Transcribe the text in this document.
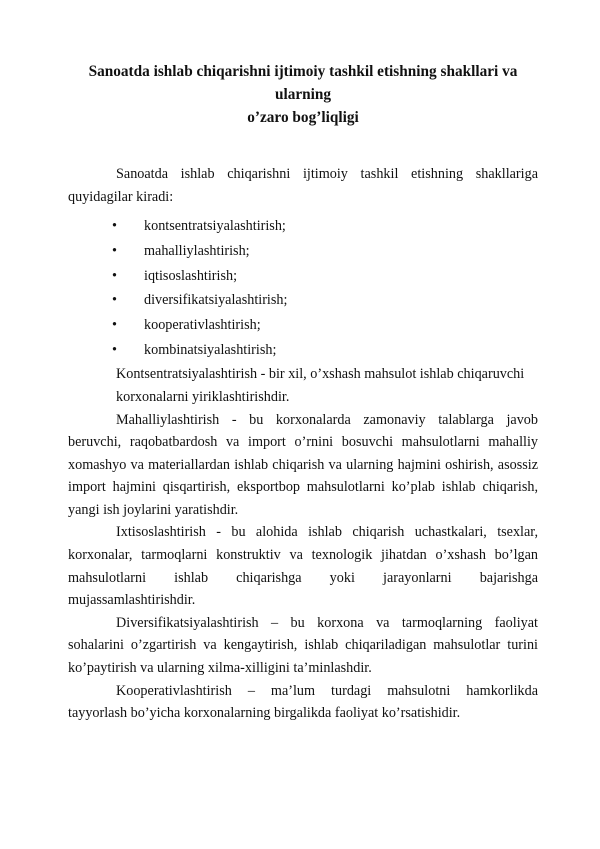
Sanoatda ishlab chiqarishni ijtimoiy tashkil etishning shakllari va ularning
o’zaro bog’liqligi

Sanoatda ishlab chiqarishni ijtimoiy tashkil etishning shakllariga quyidagilar kiradi:

• kontsentratsiyalashtirish;
• mahalliylashtirish;
• iqtisoslashtirish;
• diversifikatsiyalashtirish;
• kooperativlashtirish;
• kombinatsiyalashtirish;

Kontsentratsiyalashtirish - bir xil, o’xshash mahsulot ishlab chiqaruvchi

korxonalarni yiriklashtirishdir.

Mahalliylashtirish - bu korxonalarda zamonaviy talablarga javob beruvchi, raqobatbardosh va import o’rnini bosuvchi mahsulotlarni mahalliy xomashyo va materiallardan ishlab chiqarish va ularning hajmini oshirish, asossiz import hajmini qisqartirish, eksportbop mahsulotlarni ko’plab ishlab chiqarish, yangi ish joylarini yaratishdir.

Ixtisoslashtirish - bu alohida ishlab chiqarish uchastkalari, tsexlar, korxonalar, tarmoqlarni konstruktiv va texnologik jihatdan o’xshash bo’lgan mahsulotlarni ishlab chiqarishga yoki jarayonlarni bajarishga mujassamlashtirishdir.

Diversifikatsiyalashtirish – bu korxona va tarmoqlarning faoliyat sohalarini o’zgartirish va kengaytirish, ishlab chiqariladigan mahsulotlar turini ko’paytirish va ularning xilma-xilligini ta’minlashdir.

Kooperativlashtirish – ma’lum turdagi mahsulotni hamkorlikda tayyorlash bo’yicha korxonalarning birgalikda faoliyat ko’rsatishidir.
